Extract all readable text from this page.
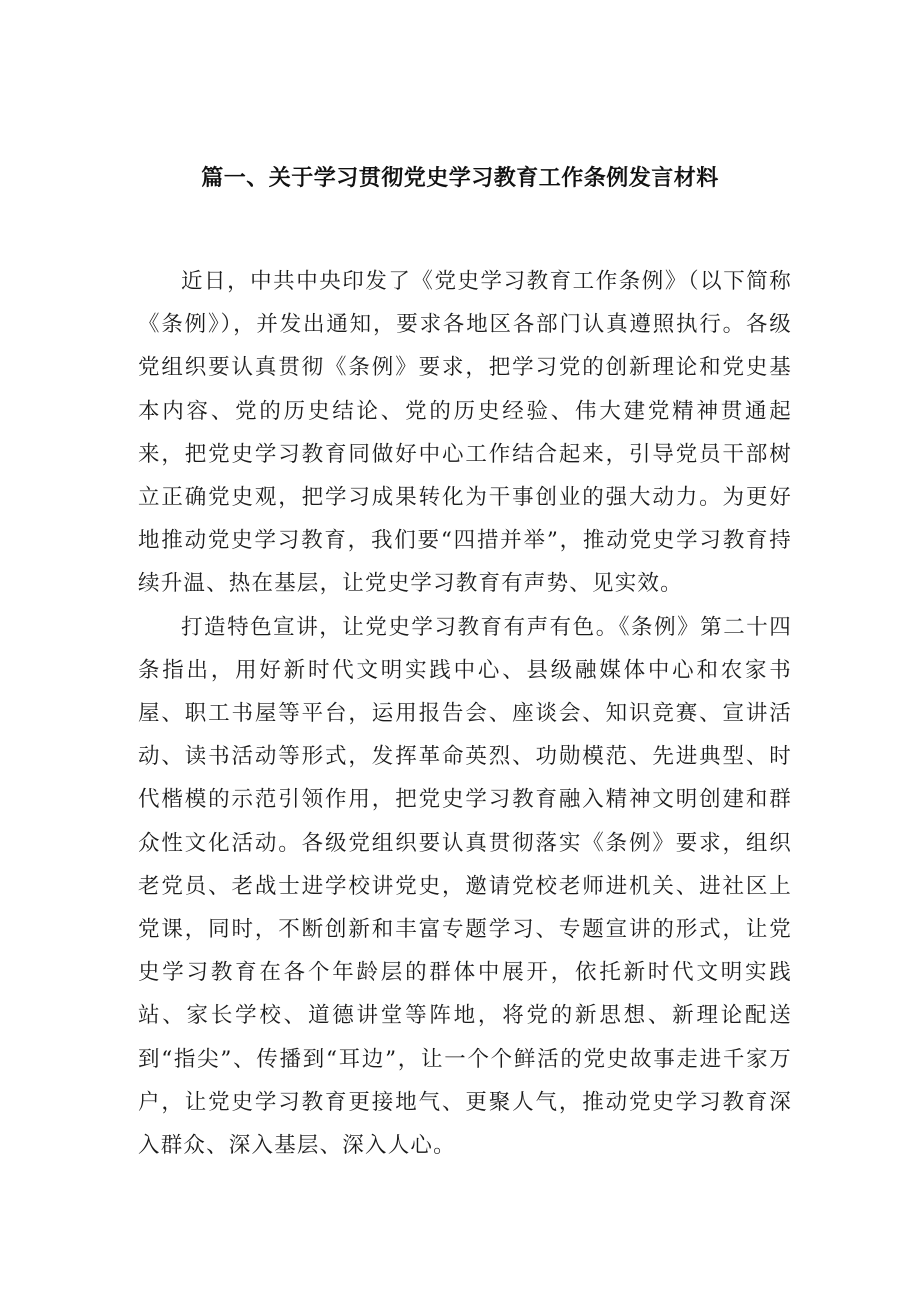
篇一、关于学习贯彻党史学习教育工作条例发言材料

近日，中共中央印发了《党史学习教育工作条例》（以下简称《条例》），并发出通知，要求各地区各部门认真遵照执行。各级党组织要认真贯彻《条例》要求，把学习党的创新理论和党史基本内容、党的历史结论、党的历史经验、伟大建党精神贯通起来，把党史学习教育同做好中心工作结合起来，引导党员干部树立正确党史观，把学习成果转化为干事创业的强大动力。为更好地推动党史学习教育，我们要“四措并举”，推动党史学习教育持续升温、热在基层，让党史学习教育有声势、见实效。

打造特色宣讲，让党史学习教育有声有色。《条例》第二十四条指出，用好新时代文明实践中心、县级融媒体中心和农家书屋、职工书屋等平台，运用报告会、座谈会、知识竞赛、宣讲活动、读书活动等形式，发挥革命英烈、功勋模范、先进典型、时代楷模的示范引领作用，把党史学习教育融入精神文明创建和群众性文化活动。各级党组织要认真贯彻落实《条例》要求，组织老党员、老战士进学校讲党史，邀请党校老师进机关、进社区上党课，同时，不断创新和丰富专题学习、专题宣讲的形式，让党史学习教育在各个年龄层的群体中展开，依托新时代文明实践站、家长学校、道德讲堂等阵地，将党的新思想、新理论配送到“指尖”、传播到“耳边”，让一个个鲜活的党史故事走进千家万户，让党史学习教育更接地气、更聚人气，推动党史学习教育深入群众、深入基层、深入人心。
